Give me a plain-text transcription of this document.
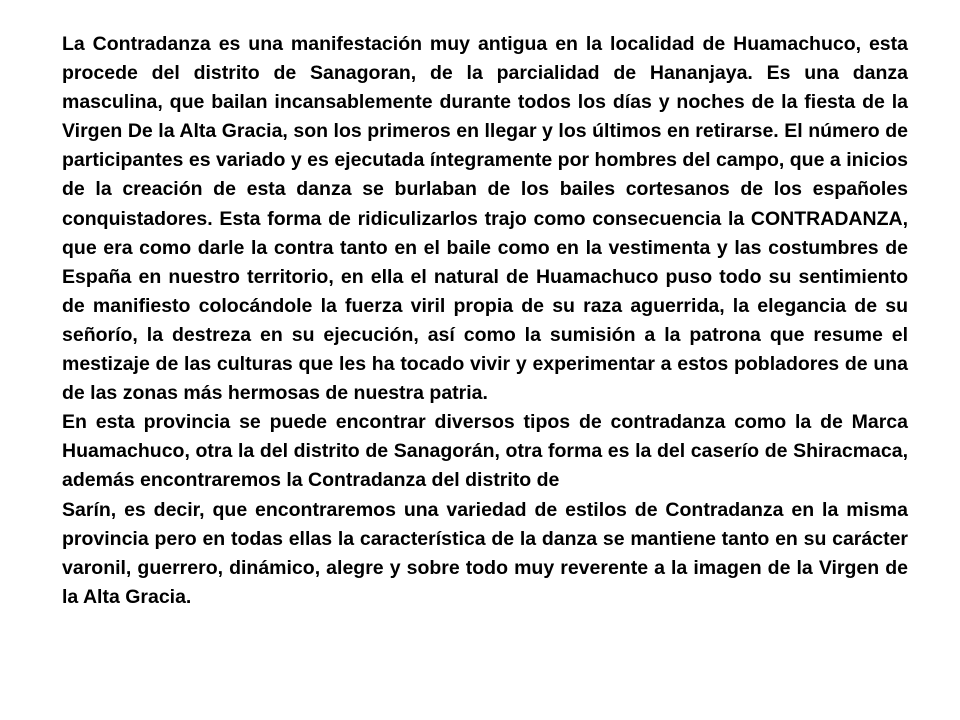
La Contradanza es una manifestación muy antigua en la localidad de Huamachuco, esta procede del distrito de Sanagoran, de la parcialidad de Hananjaya. Es una danza masculina, que bailan incansablemente durante todos los días y noches de la fiesta de la Virgen De la Alta Gracia, son los primeros en llegar y los últimos en retirarse. El número de participantes es variado y es ejecutada íntegramente por hombres del campo, que a inicios de la creación de esta danza se burlaban de los bailes cortesanos de los españoles conquistadores. Esta forma de ridiculizarlos trajo como consecuencia la CONTRADANZA, que era como darle la contra tanto en el baile como en la vestimenta y las costumbres de España en nuestro territorio, en ella el natural de Huamachuco puso todo su sentimiento de manifiesto colocándole la fuerza viril propia de su raza aguerrida, la elegancia de su señorío, la destreza en su ejecución, así como la sumisión a la patrona que resume el mestizaje de las culturas que les ha tocado vivir y experimentar a estos pobladores de una de las zonas más hermosas de nuestra patria.

En esta provincia se puede encontrar diversos tipos de contradanza como la de Marca Huamachuco, otra la del distrito de Sanagorán, otra forma es la del caserío de Shiracmaca, además encontraremos la Contradanza del distrito de

Sarín, es decir, que encontraremos una variedad de estilos de Contradanza en la misma provincia pero en todas ellas la característica de la danza se mantiene tanto en su carácter varonil, guerrero, dinámico, alegre y sobre todo muy reverente a la imagen de la Virgen de la Alta Gracia.
